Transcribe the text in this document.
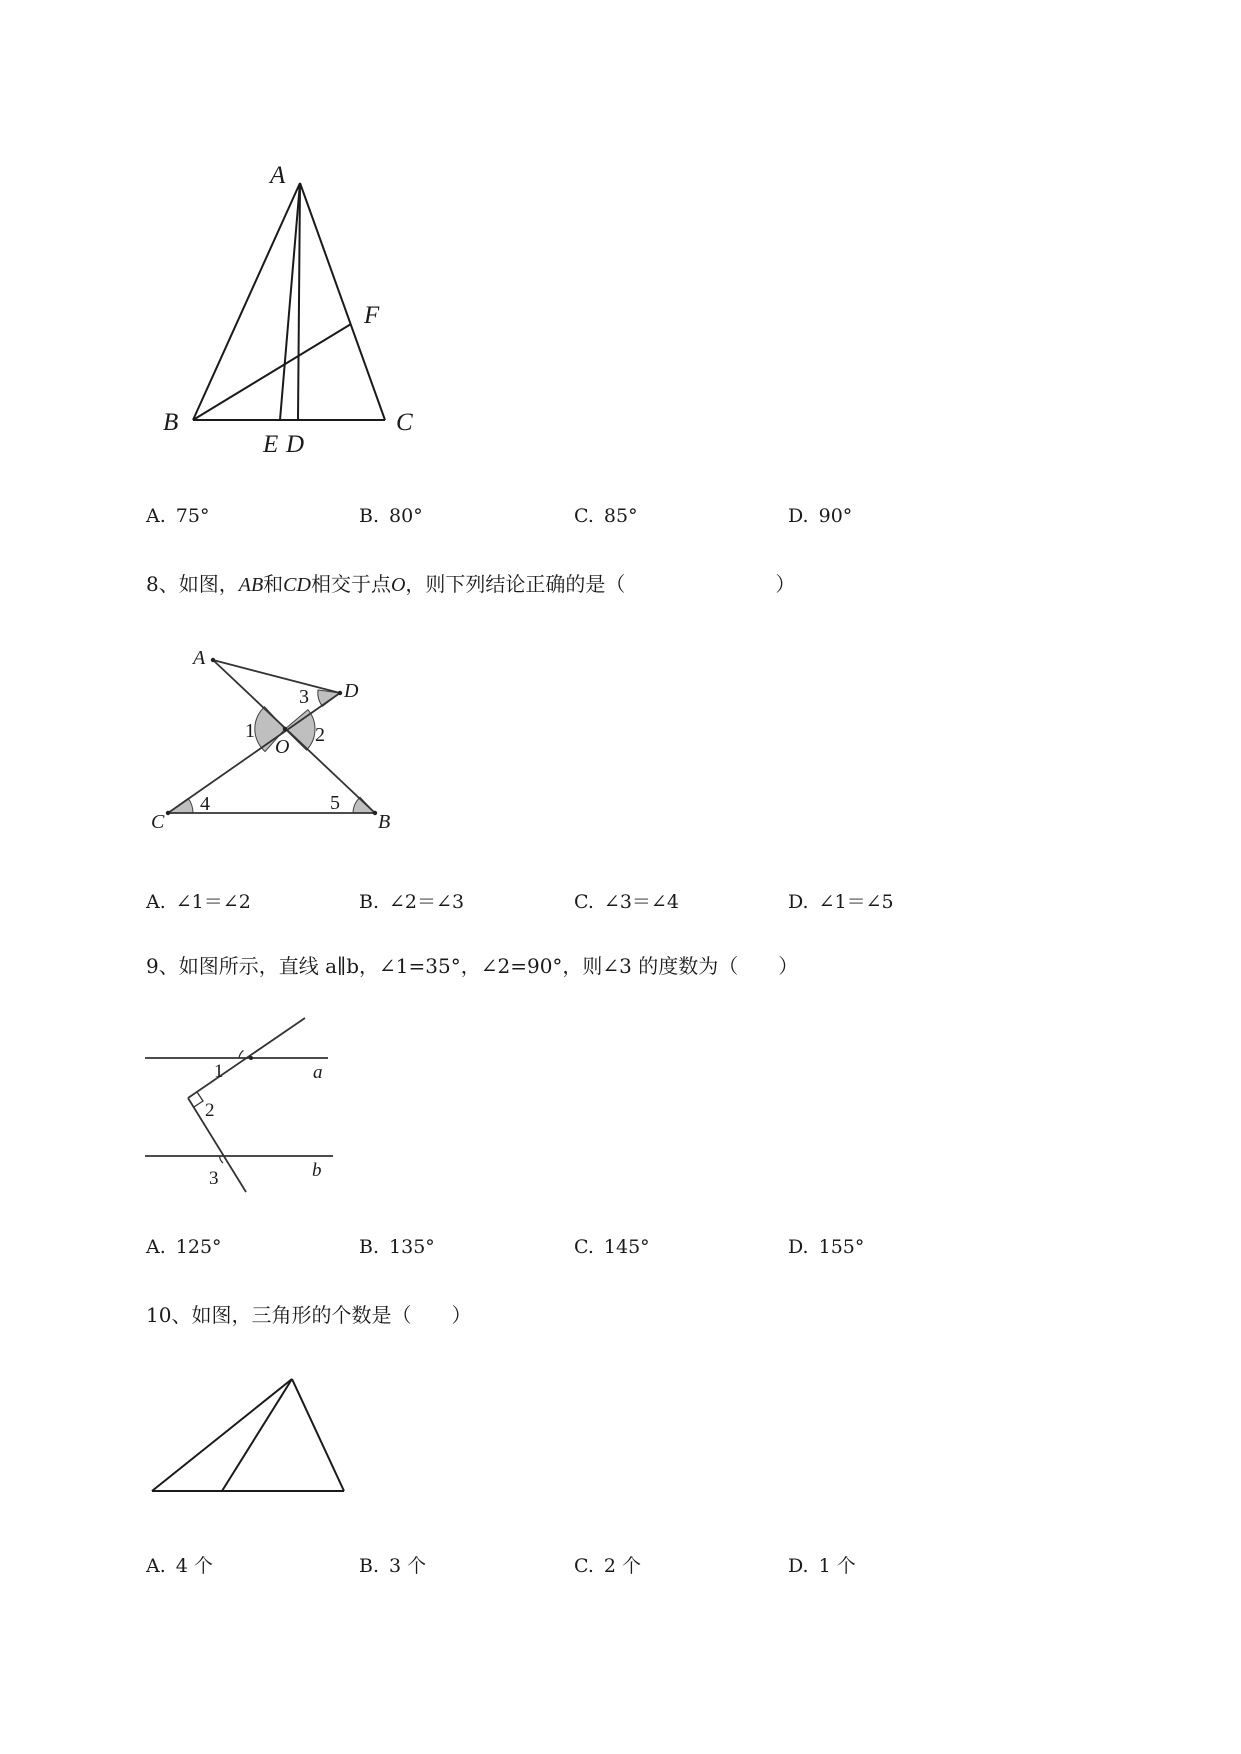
A
B	C
E D
F
A. 75°	B. 80°	C. 85°	D. 90°
8、如图，AB和CD相交于点O，则下列结论正确的是（	）
A
D
O
C	B
1	2
3
4	5
A. ∠1＝∠2	B. ∠2＝∠3	C. ∠3＝∠4	D. ∠1＝∠5
9、如图所示，直线 a∥b，∠1=35°，∠2=90°，则∠3 的度数为（　　）
1
2
3
a
b
A. 125°	B. 135°	C. 145°	D. 155°
10、如图，三角形的个数是（　　）
A. 4 个	B. 3 个	C. 2 个	D. 1 个
